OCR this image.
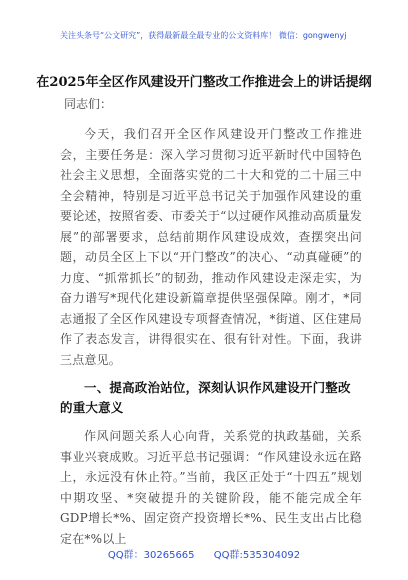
关注头条号“公文研究”，获得最新最全最专业的公文资料库！ 微信：gongwenyj
在2025年全区作风建设开门整改工作推进会上的讲话提纲
同志们：

今天，我们召开全区作风建设开门整改工作推进会，主要任务是：深入学习贯彻习近平新时代中国特色社会主义思想，全面落实党的二十大和党的二十届三中全会精神，特别是习近平总书记关于加强作风建设的重要论述，按照省委、市委关于“以过硬作风推动高质量发展”的部署要求，总结前期作风建设成效，查摆突出问题，动员全区上下以“开门整改”的决心、“动真碰硬”的力度、“抓常抓长”的韧劲，推动作风建设走深走实，为奋力谱写*现代化建设新篇章提供坚强保障。刚才，*同志通报了全区作风建设专项督查情况，*街道、区住建局作了表态发言，讲得很实在、很有针对性。下面，我讲三点意见。

一、提高政治站位，深刻认识作风建设开门整改的重大意义

作风问题关系人心向背，关系党的执政基础，关系事业兴衰成败。习近平总书记强调：“作风建设永远在路上，永远没有休止符。”当前，我区正处于“十四五”规划中期攻坚、*突破提升的关键阶段，能不能完成全年GDP增长*%、固定资产投资增长*%、民生支出占比稳定在*%以上

QQ群：30265665 QQ群:535304092
